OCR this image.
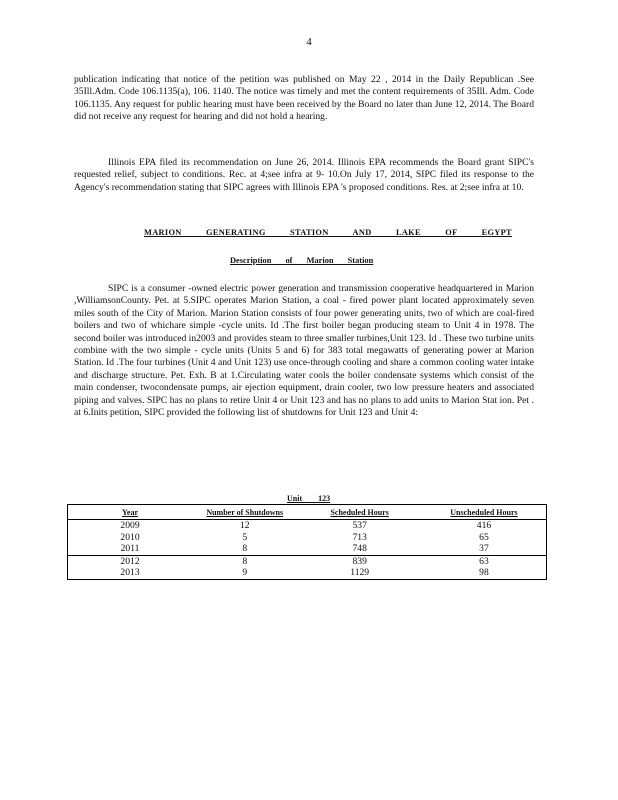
4

publication indicating that notice of the petition was published on May 22 , 2014 in the Daily Republican .See 35Ill.Adm. Code 106.1135(a), 106. 1140. The notice was timely and met the content requirements of 35Ill. Adm. Code 106.1135. Any request for public hearing must have been received by the Board no later than June 12, 2014. The Board did not receive any request for hearing and did not hold a hearing.

Illinois EPA filed its recommendation on June 26, 2014. Illinois EPA recommends the Board grant SIPC's requested relief, subject to conditions. Rec. at 4;see infra at 9- 10.On July 17, 2014, SIPC filed its response to the Agency's recommendation stating that SIPC agrees with Illinois EPA 's proposed conditions. Res. at 2;see infra at 10.

MARION GENERATING STATION AND LAKE OF EGYPT
Description of Marion Station

SIPC is a consumer -owned electric power generation and transmission cooperative headquartered in Marion ,WilliamsonCounty. Pet. at 5.SIPC operates Marion Station, a coal - fired power plant located approximately seven miles south of the City of Marion. Marion Station consists of four power generating units, two of which are coal-fired boilers and two of whichare simple -cycle units. Id .The first boiler began producing steam to Unit 4 in 1978. The second boiler was introduced in2003 and provides steam to three smaller turbines,Unit 123. Id . These two turbine units combine with the two simple - cycle units (Units 5 and 6) for 383 total megawatts of generating power at Marion Station. Id .The four turbines (Unit 4 and Unit 123) use once-through cooling and share a common cooling water intake and discharge structure. Pet. Exh. B at 1.Circulating water cools the boiler condensate systems which consist of the main condenser, twocondensate pumps, air ejection equipment, drain cooler, two low pressure heaters and associated piping and valves. SIPC has no plans to retire Unit 4 or Unit 123 and has no plans to add units to Marion Stat ion. Pet . at 6.Inits petition, SIPC provided the following list of shutdowns for Unit 123 and Unit 4:

Unit 123
Year	Number of Shutdowns	Scheduled Hours	Unscheduled Hours
2009	12	537	416
2010	5	713	65
2011	8	748	37
2012	8	839	63
2013	9	1129	98
